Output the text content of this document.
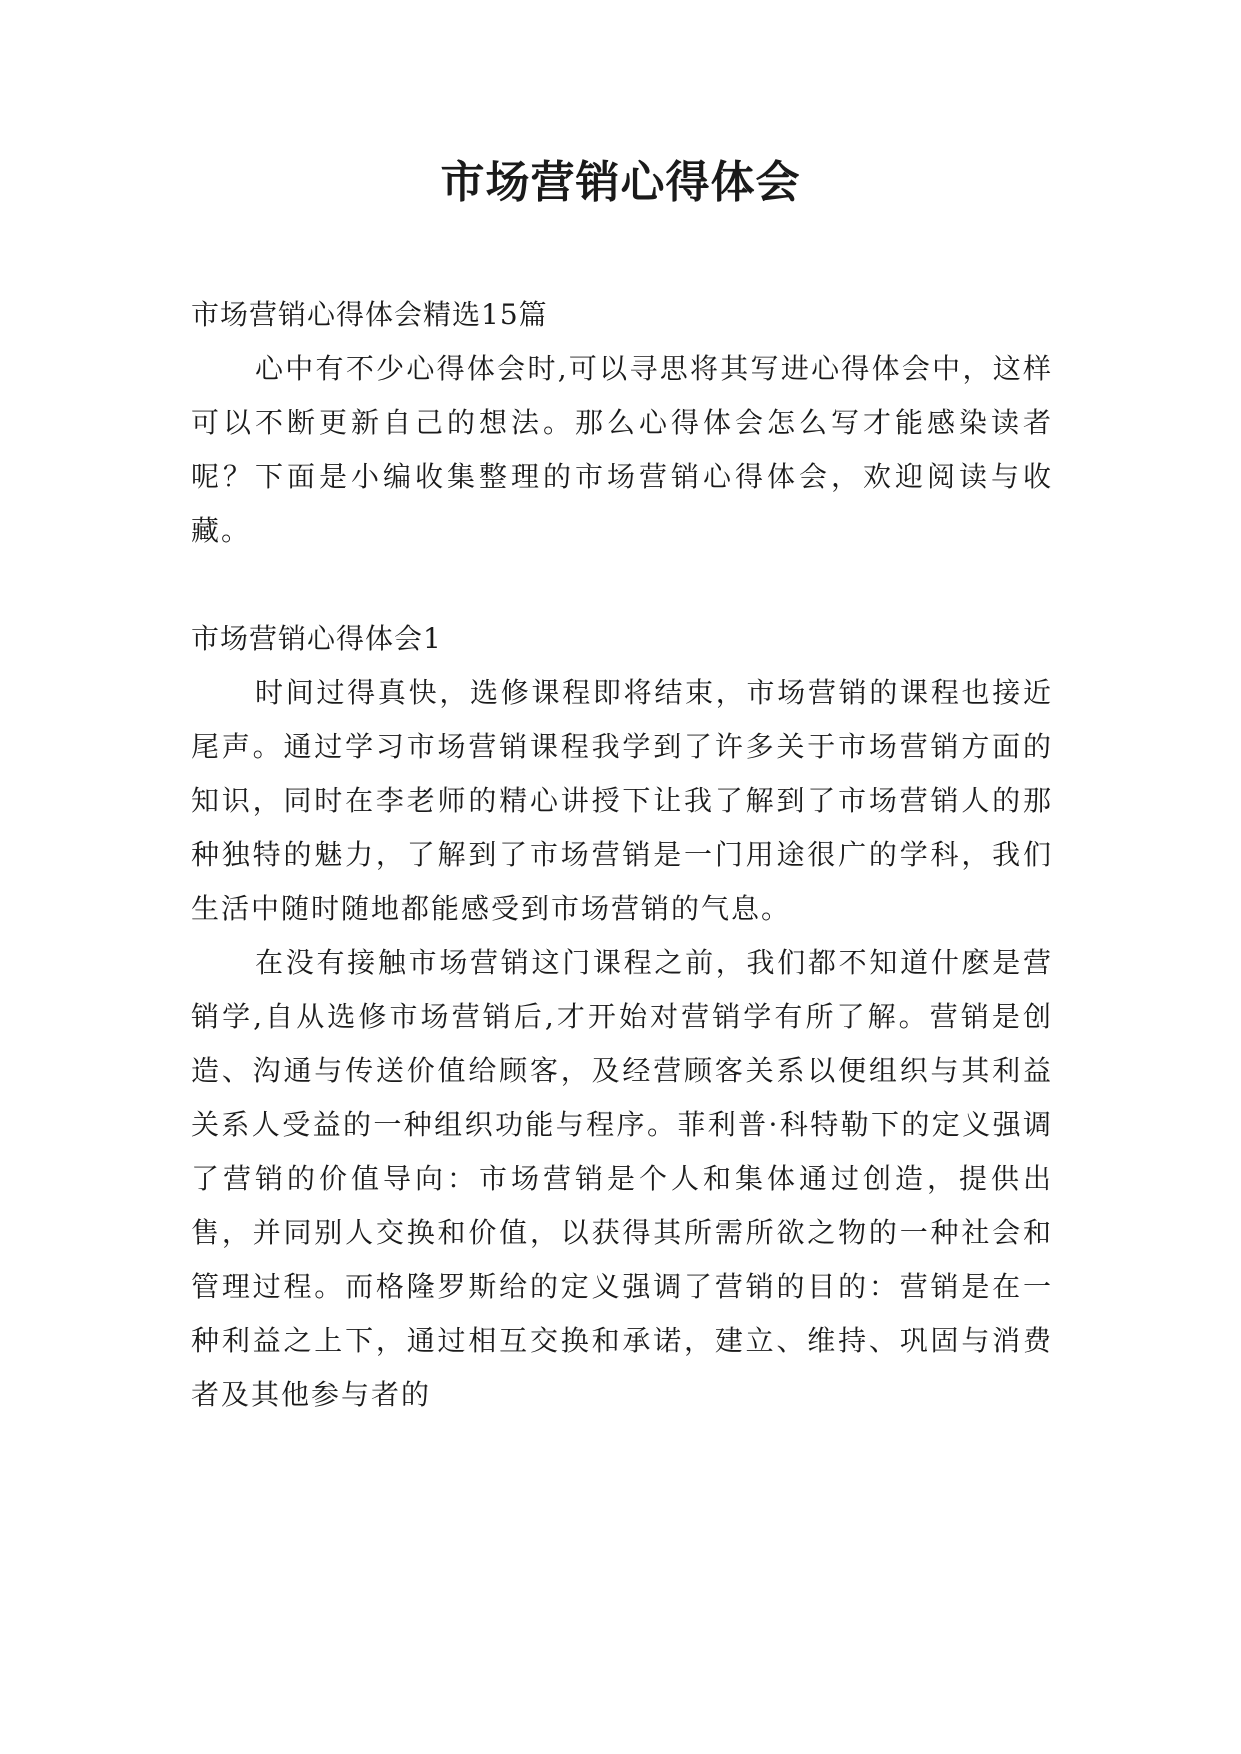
市场营销心得体会

市场营销心得体会精选15篇

心中有不少心得体会时,可以寻思将其写进心得体会中，这样可以不断更新自己的想法。那么心得体会怎么写才能感染读者呢？下面是小编收集整理的市场营销心得体会，欢迎阅读与收藏。

市场营销心得体会1

时间过得真快，选修课程即将结束，市场营销的课程也接近尾声。通过学习市场营销课程我学到了许多关于市场营销方面的知识，同时在李老师的精心讲授下让我了解到了市场营销人的那种独特的魅力，了解到了市场营销是一门用途很广的学科，我们生活中随时随地都能感受到市场营销的气息。

在没有接触市场营销这门课程之前，我们都不知道什麽是营销学,自从选修市场营销后,才开始对营销学有所了解。营销是创造、沟通与传送价值给顾客，及经营顾客关系以便组织与其利益关系人受益的一种组织功能与程序。菲利普·科特勒下的定义强调了营销的价值导向：市场营销是个人和集体通过创造，提供出售，并同别人交换和价值，以获得其所需所欲之物的一种社会和管理过程。而格隆罗斯给的定义强调了营销的目的：营销是在一种利益之上下，通过相互交换和承诺，建立、维持、巩固与消费者及其他参与者的
